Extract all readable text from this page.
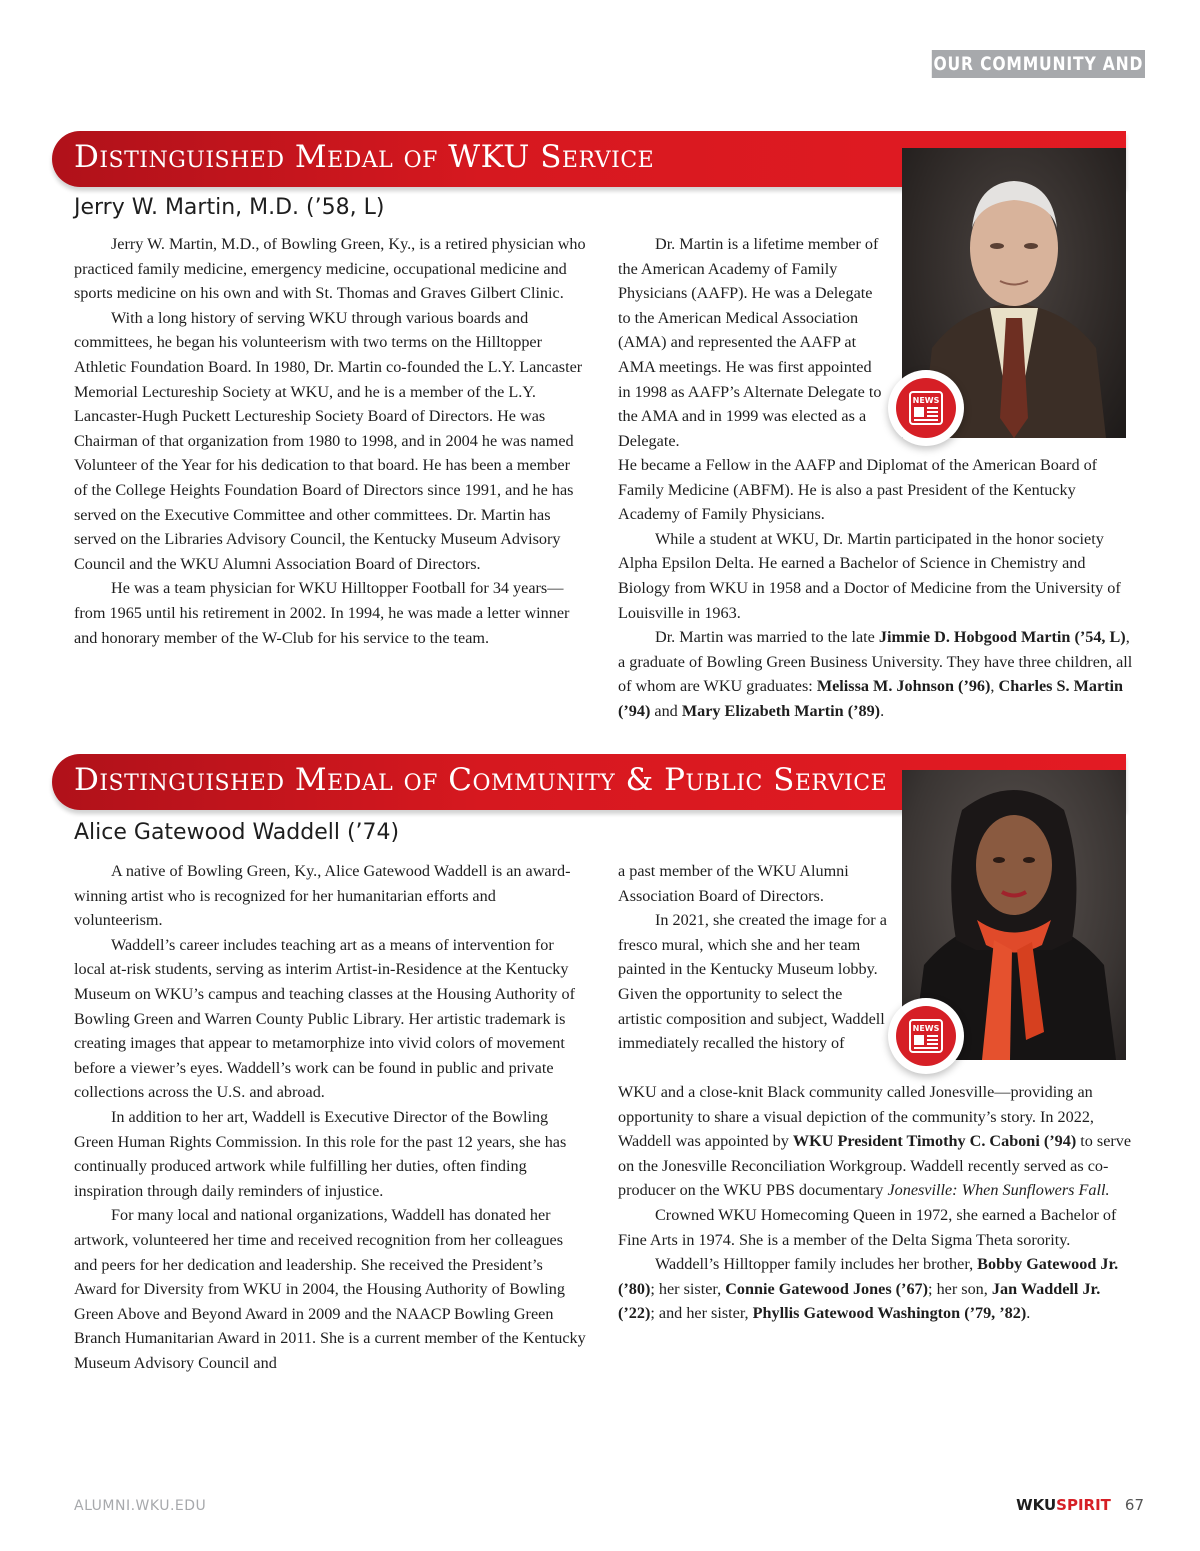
OUR COMMUNITY AND BEYOND
Distinguished Medal of WKU Service
Jerry W. Martin, M.D. (’58, L)
NEWS

Jerry W. Martin, M.D., of Bowling Green, Ky., is a retired physician who practiced family medicine, emergency medicine, occupational medicine and sports medicine on his own and with St. Thomas and Graves Gilbert Clinic.

With a long history of serving WKU through various boards and committees, he began his volunteerism with two terms on the Hilltopper Athletic Foundation Board. In 1980, Dr. Martin co-founded the L.Y. Lancaster Memorial Lectureship Society at WKU, and he is a member of the L.Y. Lancaster-Hugh Puckett Lectureship Society Board of Directors. He was Chairman of that organization from 1980 to 1998, and in 2004 he was named Volunteer of the Year for his dedication to that board. He has been a member of the College Heights Foundation Board of Directors since 1991, and he has served on the Executive Committee and other committees. Dr. Martin has served on the Libraries Advisory Council, the Kentucky Museum Advisory Council and the WKU Alumni Association Board of Directors.

He was a team physician for WKU Hilltopper Football for 34 years—from 1965 until his retirement in 2002. In 1994, he was made a letter winner and honorary member of the W-Club for his service to the team.

Dr. Martin is a lifetime member of the American Academy of Family Physicians (AAFP). He was a Delegate to the American Medical Association (AMA) and represented the AAFP at AMA meetings. He was first appointed in 1998 as AAFP’s Alternate Delegate to the AMA and in 1999 was elected as a Delegate.

He became a Fellow in the AAFP and Diplomat of the American Board of Family Medicine (ABFM). He is also a past President of the Kentucky Academy of Family Physicians.

While a student at WKU, Dr. Martin participated in the honor society Alpha Epsilon Delta. He earned a Bachelor of Science in Chemistry and Biology from WKU in 1958 and a Doctor of Medicine from the University of Louisville in 1963.

Dr. Martin was married to the late Jimmie D. Hobgood Martin (’54, L), a graduate of Bowling Green Business University. They have three children, all of whom are WKU graduates: Melissa M. Johnson (’96), Charles S. Martin (’94) and Mary Elizabeth Martin (’89).

Distinguished Medal of Community & Public Service
Alice Gatewood Waddell (’74)
NEWS

A native of Bowling Green, Ky., Alice Gatewood Waddell is an award-winning artist who is recognized for her humanitarian efforts and volunteerism.

Waddell’s career includes teaching art as a means of intervention for local at-risk students, serving as interim Artist-in-Residence at the Kentucky Museum on WKU’s campus and teaching classes at the Housing Authority of Bowling Green and Warren County Public Library. Her artistic trademark is creating images that appear to metamorphize into vivid colors of movement before a viewer’s eyes. Waddell’s work can be found in public and private collections across the U.S. and abroad.

In addition to her art, Waddell is Executive Director of the Bowling Green Human Rights Commission. In this role for the past 12 years, she has continually produced artwork while fulfilling her duties, often finding inspiration through daily reminders of injustice.

For many local and national organizations, Waddell has donated her artwork, volunteered her time and received recognition from her colleagues and peers for her dedication and leadership. She received the President’s Award for Diversity from WKU in 2004, the Housing Authority of Bowling Green Above and Beyond Award in 2009 and the NAACP Bowling Green Branch Humanitarian Award in 2011. She is a current member of the Kentucky Museum Advisory Council and

a past member of the WKU Alumni Association Board of Directors.

In 2021, she created the image for a fresco mural, which she and her team painted in the Kentucky Museum lobby. Given the opportunity to select the artistic composition and subject, Waddell immediately recalled the history of

WKU and a close-knit Black community called Jonesville—providing an opportunity to share a visual depiction of the community’s story. In 2022, Waddell was appointed by WKU President Timothy C. Caboni (’94) to serve on the Jonesville Reconciliation Workgroup. Waddell recently served as co-producer on the WKU PBS documentary Jonesville: When Sunflowers Fall.

Crowned WKU Homecoming Queen in 1972, she earned a Bachelor of Fine Arts in 1974. She is a member of the Delta Sigma Theta sorority.

Waddell’s Hilltopper family includes her brother, Bobby Gatewood Jr. (’80); her sister, Connie Gatewood Jones (’67); her son, Jan Waddell Jr. (’22); and her sister, Phyllis Gatewood Washington (’79, ’82).

ALUMNI.WKU.EDU	WKUSPIRIT 67
